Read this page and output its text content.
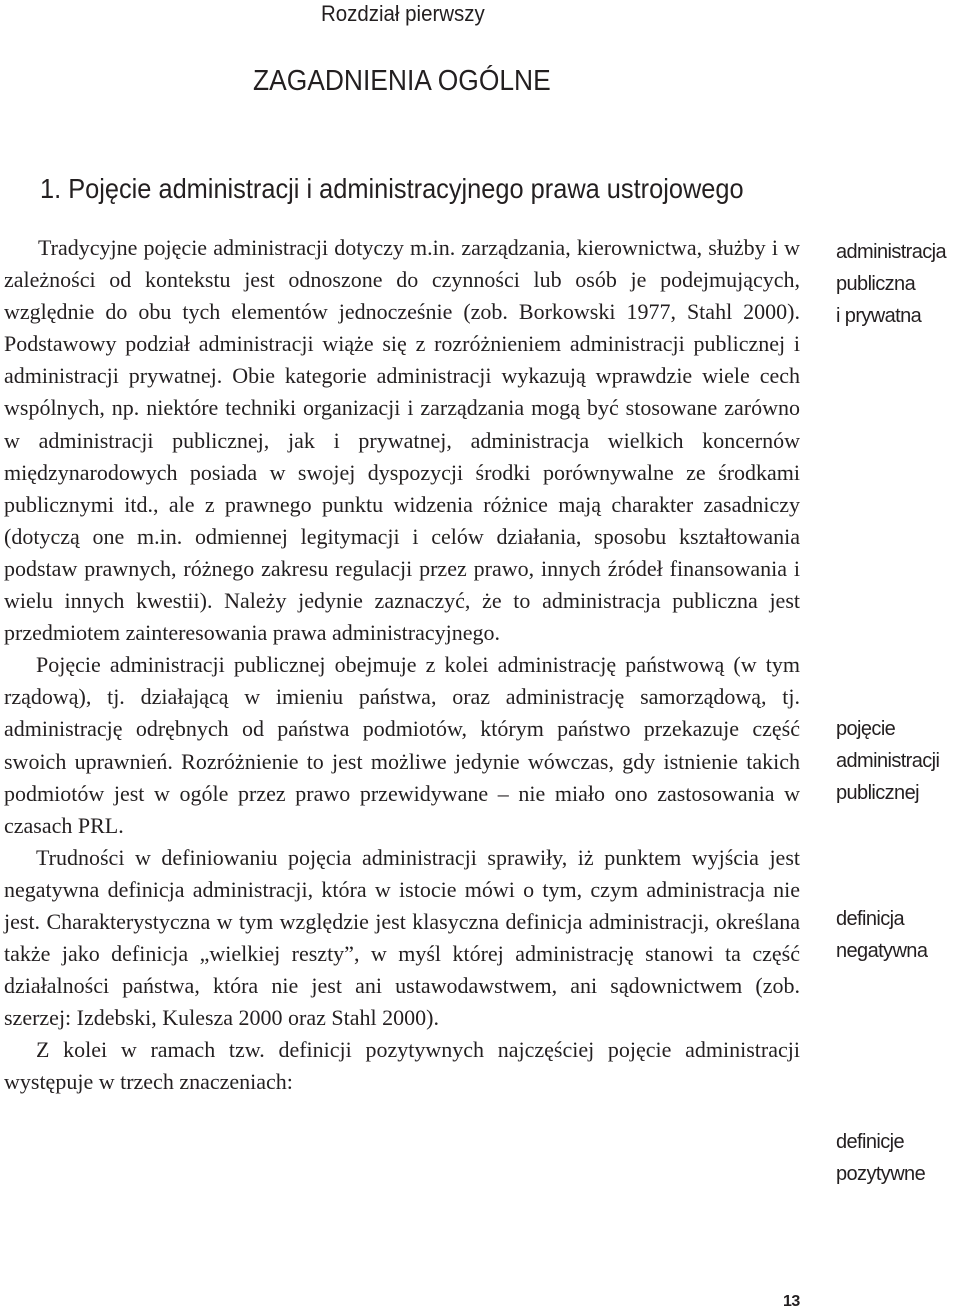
Rozdział pierwszy
ZAGADNIENIA OGÓLNE
1. Pojęcie administracji i administracyjnego prawa ustrojowego

Tradycyjne pojęcie administracji dotyczy m.in. zarządzania, kierownictwa, służby i w zależności od kontekstu jest odnoszone do czynności lub osób je podejmujących, względnie do obu tych elementów jednocześnie (zob. Borkowski 1977, Stahl 2000). Podstawowy podział administracji wiąże się z rozróżnieniem administracji publicznej i administracji prywatnej. Obie kategorie administracji wykazują wprawdzie wiele cech wspólnych, np. niektóre techniki organizacji i zarządzania mogą być stosowane zarówno w administracji publicznej, jak i prywatnej, administracja wielkich koncernów międzynarodowych posiada w swojej dyspozycji środki porównywalne ze środkami publicznymi itd., ale z prawnego punktu widzenia różnice mają charakter zasadniczy (dotyczą one m.in. odmiennej legitymacji i celów działania, sposobu kształtowania podstaw prawnych, różnego zakresu regulacji przez prawo, innych źródeł finansowania i wielu innych kwestii). Należy jedynie zaznaczyć, że to administracja publiczna jest przedmiotem zainteresowania prawa administracyjnego.

Pojęcie administracji publicznej obejmuje z kolei administrację państwową (w tym rządową), tj. działającą w imieniu państwa, oraz administrację samorządową, tj. administrację odrębnych od państwa podmiotów, którym państwo przekazuje część swoich uprawnień. Rozróżnienie to jest możliwe jedynie wówczas, gdy istnienie takich podmiotów jest w ogóle przez prawo przewidywane – nie miało ono zastosowania w czasach PRL.

Trudności w definiowaniu pojęcia administracji sprawiły, iż punktem wyjścia jest negatywna definicja administracji, która w istocie mówi o tym, czym administracja nie jest. Charakterystyczna w tym względzie jest klasyczna definicja administracji, określana także jako definicja „wielkiej reszty”, w myśl której administrację stanowi ta część działalności państwa, która nie jest ani ustawodawstwem, ani sądownictwem (zob. szerzej: Izdebski, Kulesza 2000 oraz Stahl 2000).

Z kolei w ramach tzw. definicji pozytywnych najczęściej pojęcie administracji występuje w trzech znaczeniach:

administracja
publiczna
i prywatna
pojęcie
administracji
publicznej
definicja
negatywna
definicje
pozytywne
13
